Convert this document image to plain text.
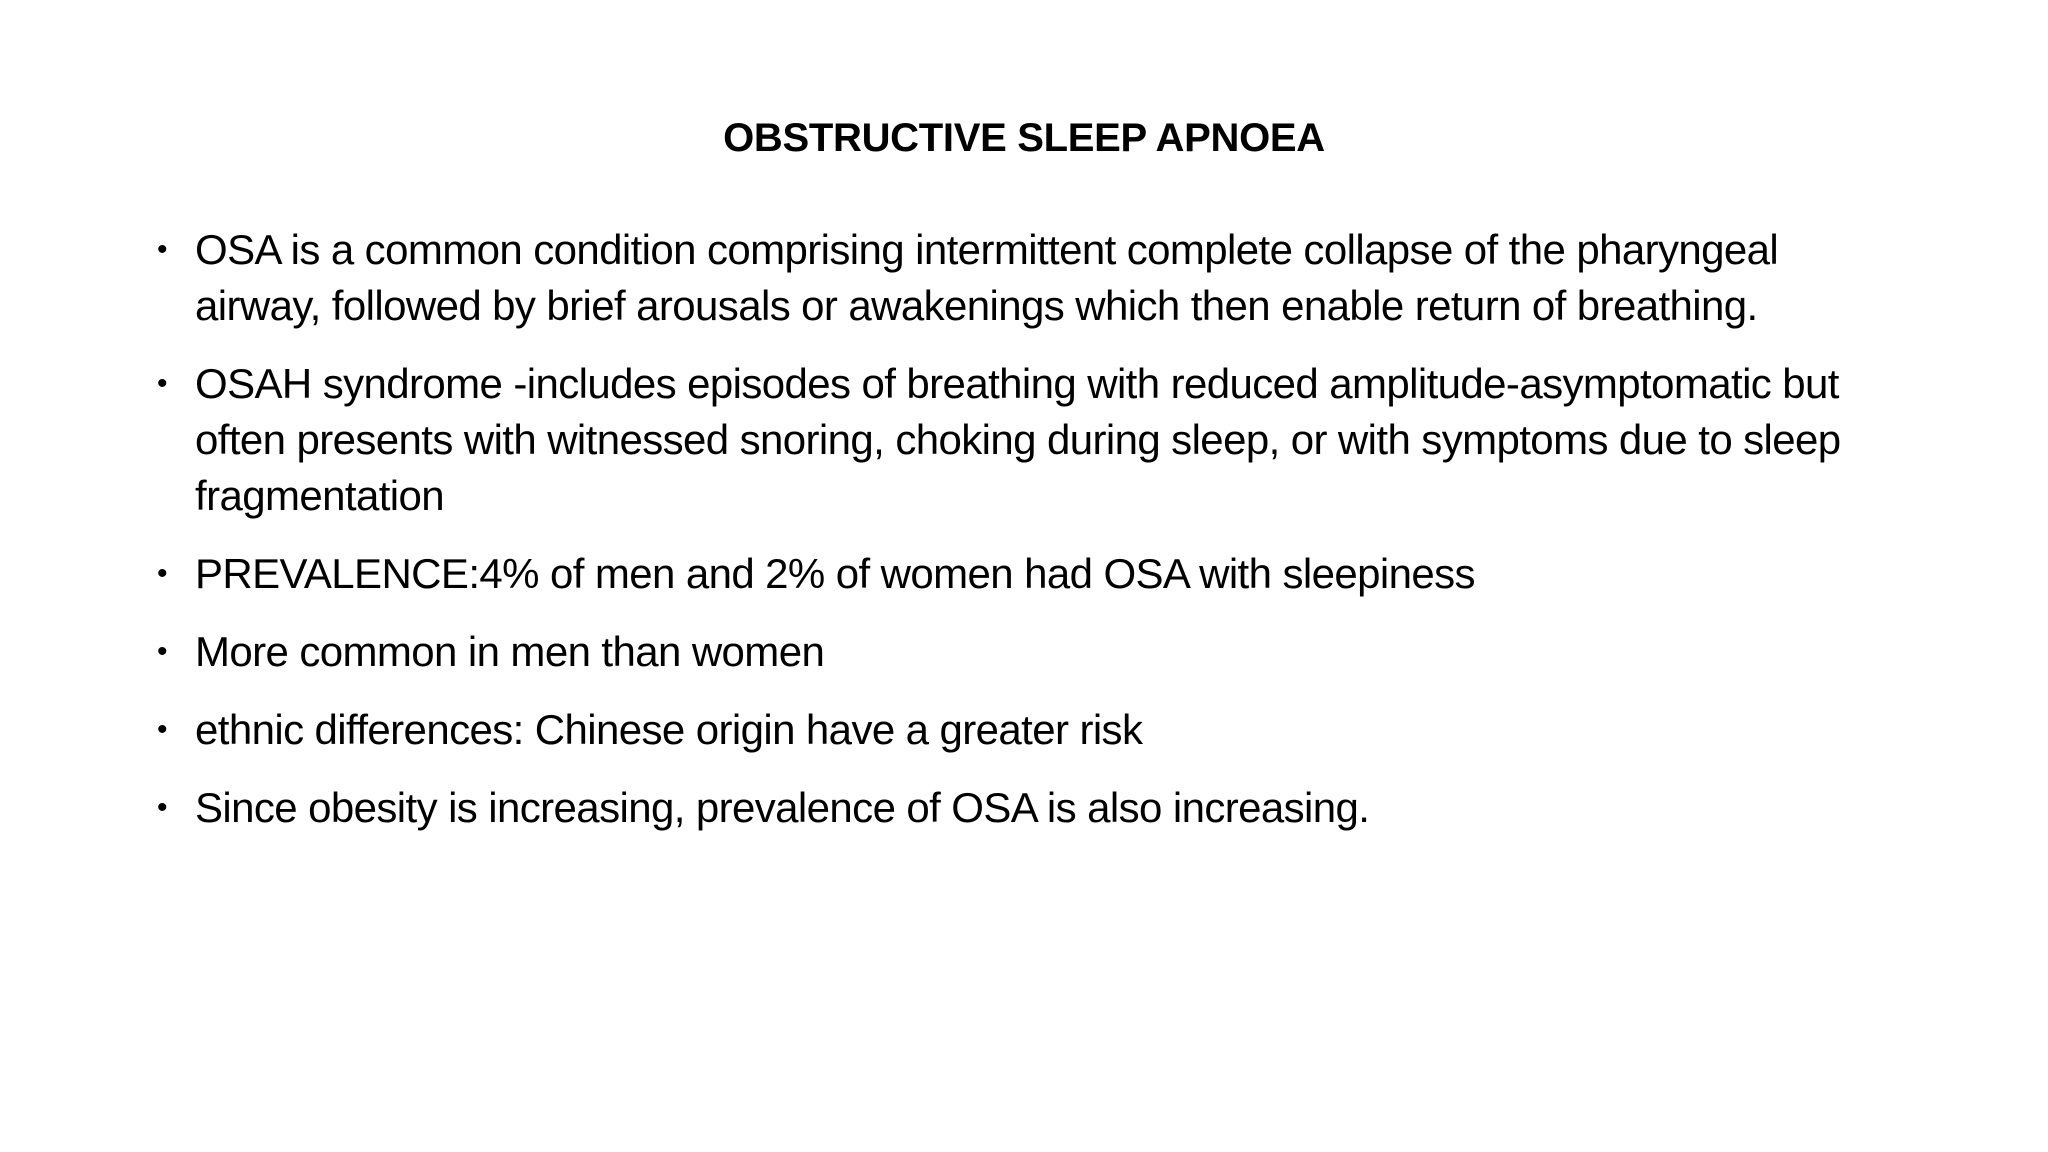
OBSTRUCTIVE SLEEP APNOEA
• OSA is a common condition comprising intermittent complete collapse of the pharyngeal airway, followed by brief arousals or awakenings which then enable return of breathing.
• OSAH syndrome -includes episodes of breathing with reduced amplitude-asymptomatic but often presents with witnessed snoring, choking during sleep, or with symptoms due to sleep fragmentation
• PREVALENCE:4% of men and 2% of women had OSA with sleepiness
• More common in men than women
• ethnic differences: Chinese origin have a greater risk
• Since obesity is increasing, prevalence of OSA is also increasing.
